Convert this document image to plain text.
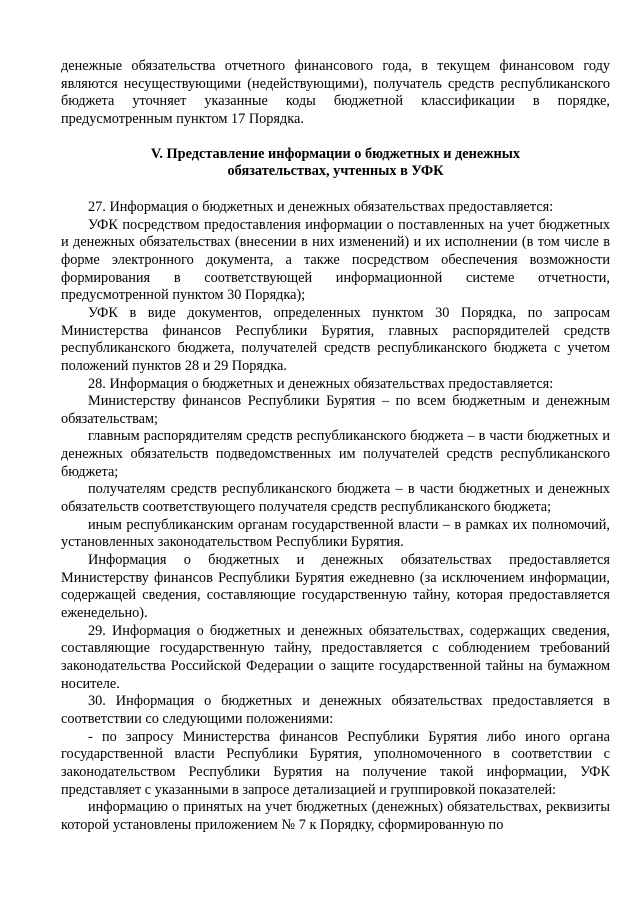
денежные обязательства отчетного финансового года, в текущем финансовом году являются несуществующими (недействующими), получатель средств республиканского бюджета уточняет указанные коды бюджетной классификации в порядке, предусмотренным пунктом 17 Порядка.

V. Представление информации о бюджетных и денежных
обязательствах, учтенных в УФК

27. Информация о бюджетных и денежных обязательствах предоставляется:

УФК посредством предоставления информации о поставленных на учет бюджетных и денежных обязательствах (внесении в них изменений) и их исполнении (в том числе в форме электронного документа, а также посредством обеспечения возможности формирования в соответствующей информационной системе отчетности, предусмотренной пунктом 30 Порядка);

УФК в виде документов, определенных пунктом 30 Порядка, по запросам Министерства финансов Республики Бурятия, главных распорядителей средств республиканского бюджета, получателей средств республиканского бюджета с учетом положений пунктов 28 и 29 Порядка.

28. Информация о бюджетных и денежных обязательствах предоставляется:

Министерству финансов Республики Бурятия – по всем бюджетным и денежным обязательствам;

главным распорядителям средств республиканского бюджета – в части бюджетных и денежных обязательств подведомственных им получателей средств республиканского бюджета;

получателям средств республиканского бюджета – в части бюджетных и денежных обязательств соответствующего получателя средств республиканского бюджета;

иным республиканским органам государственной власти – в рамках их полномочий, установленных законодательством Республики Бурятия.

Информация о бюджетных и денежных обязательствах предоставляется Министерству финансов Республики Бурятия ежедневно (за исключением информации, содержащей сведения, составляющие государственную тайну, которая предоставляется еженедельно).

29. Информация о бюджетных и денежных обязательствах, содержащих сведения, составляющие государственную тайну, предоставляется с соблюдением требований законодательства Российской Федерации о защите государственной тайны на бумажном носителе.

30. Информация о бюджетных и денежных обязательствах предоставляется в соответствии со следующими положениями:

- по запросу Министерства финансов Республики Бурятия либо иного органа государственной власти Республики Бурятия, уполномоченного в соответствии с законодательством Республики Бурятия на получение такой информации, УФК представляет с указанными в запросе детализацией и группировкой показателей:

информацию о принятых на учет бюджетных (денежных) обязательствах, реквизиты которой установлены приложением № 7 к Порядку, сформированную по
